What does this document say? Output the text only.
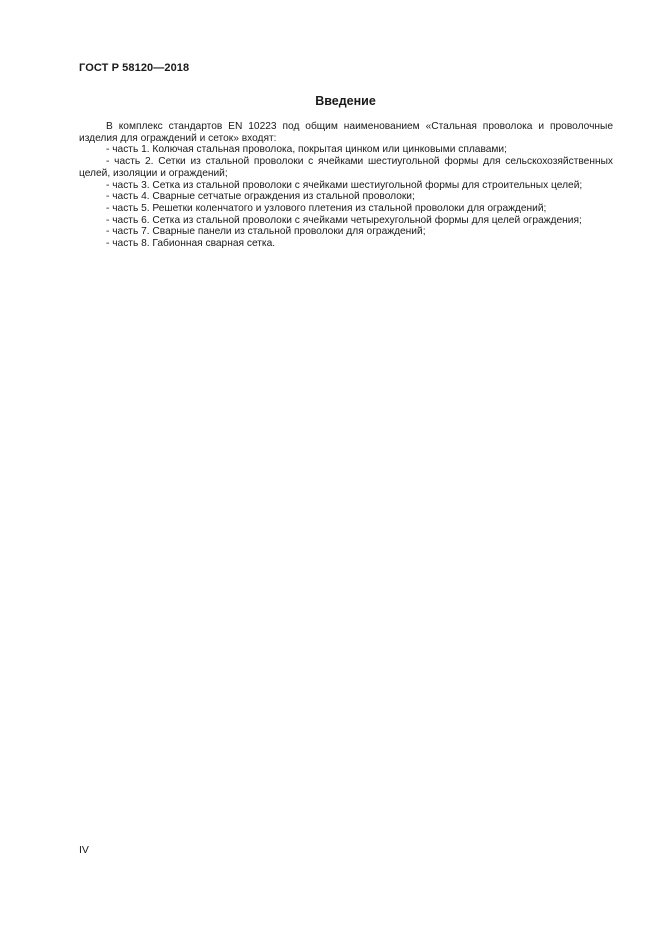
ГОСТ Р 58120—2018
Введение

В комплекс стандартов EN 10223 под общим наименованием «Стальная проволока и проволочные изделия для ограждений и сеток» входят:

- часть 1. Колючая стальная проволока, покрытая цинком или цинковыми сплавами;
- часть 2. Сетки из стальной проволоки с ячейками шестиугольной формы для сельскохозяйственных целей, изоляции и ограждений;
- часть 3. Сетка из стальной проволоки с ячейками шестиугольной формы для строительных целей;
- часть 4. Сварные сетчатые ограждения из стальной проволоки;
- часть 5. Решетки коленчатого и узлового плетения из стальной проволоки для ограждений;
- часть 6. Сетка из стальной проволоки с ячейками четырехугольной формы для целей ограждения;
- часть 7. Сварные панели из стальной проволоки для ограждений;
- часть 8. Габионная сварная сетка.
IV
